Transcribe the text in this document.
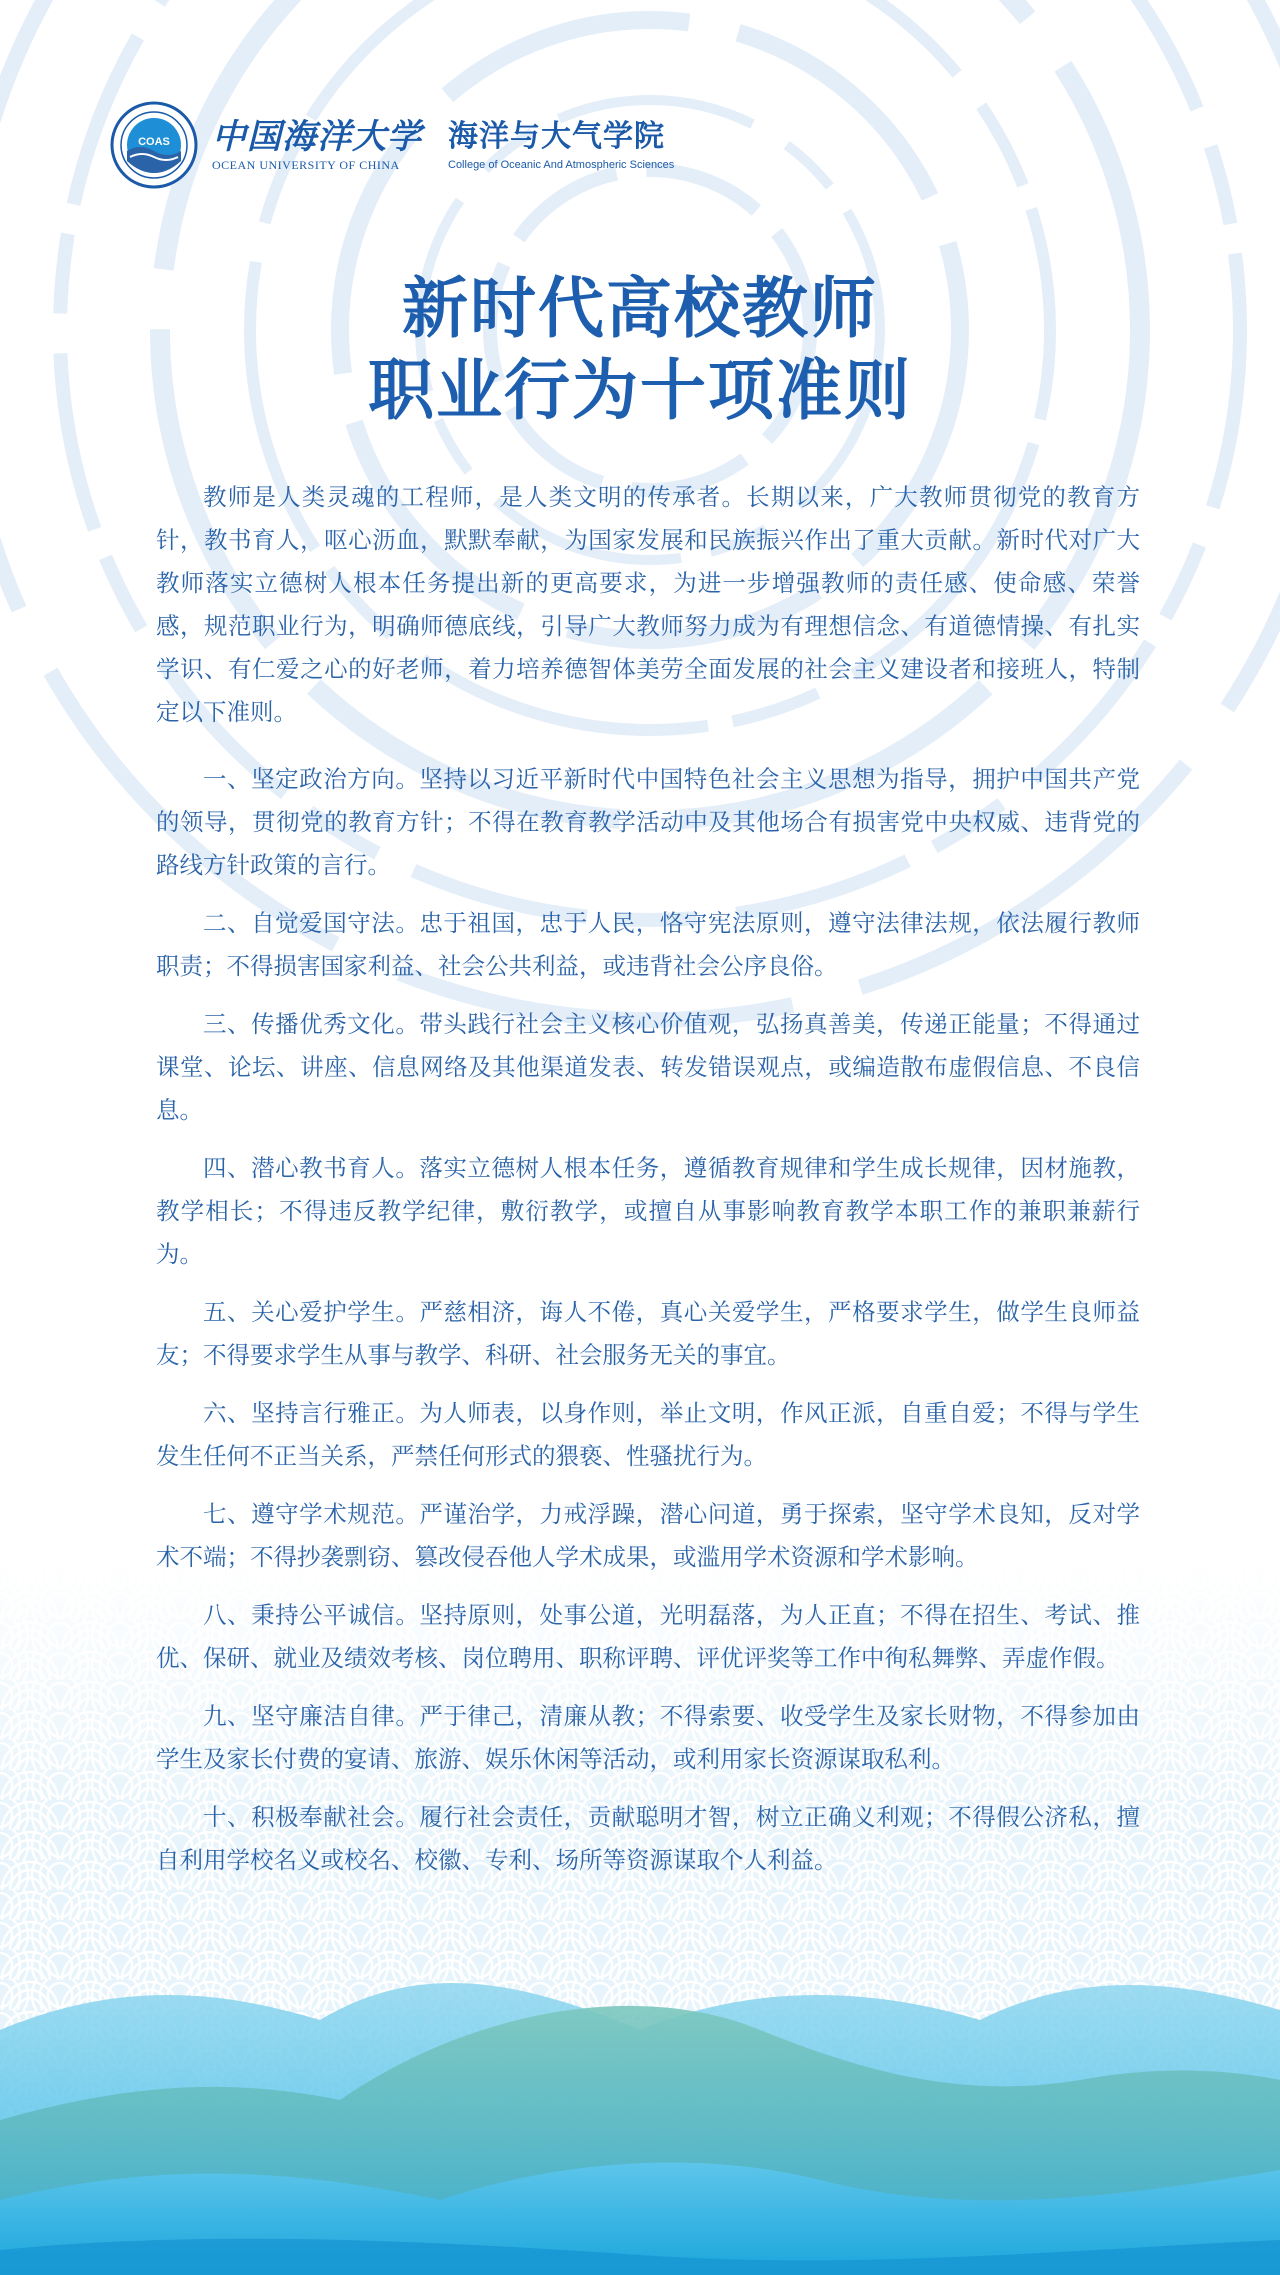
COAS 中国海洋大学
OCEAN UNIVERSITY OF CHINA
海洋与大气学院
College of Oceanic And Atmospheric Sciences
新时代高校教师
职业行为十项准则

教师是人类灵魂的工程师，是人类文明的传承者。长期以来，广大教师贯彻党的教育方针，教书育人，呕心沥血，默默奉献，为国家发展和民族振兴作出了重大贡献。新时代对广大教师落实立德树人根本任务提出新的更高要求，为进一步增强教师的责任感、使命感、荣誉感，规范职业行为，明确师德底线，引导广大教师努力成为有理想信念、有道德情操、有扎实学识、有仁爱之心的好老师，着力培养德智体美劳全面发展的社会主义建设者和接班人，特制定以下准则。

一、坚定政治方向。坚持以习近平新时代中国特色社会主义思想为指导，拥护中国共产党的领导，贯彻党的教育方针；不得在教育教学活动中及其他场合有损害党中央权威、违背党的路线方针政策的言行。

二、自觉爱国守法。忠于祖国，忠于人民，恪守宪法原则，遵守法律法规，依法履行教师职责；不得损害国家利益、社会公共利益，或违背社会公序良俗。

三、传播优秀文化。带头践行社会主义核心价值观，弘扬真善美，传递正能量；不得通过课堂、论坛、讲座、信息网络及其他渠道发表、转发错误观点，或编造散布虚假信息、不良信息。

四、潜心教书育人。落实立德树人根本任务，遵循教育规律和学生成长规律，因材施教，教学相长；不得违反教学纪律，敷衍教学，或擅自从事影响教育教学本职工作的兼职兼薪行为。

五、关心爱护学生。严慈相济，诲人不倦，真心关爱学生，严格要求学生，做学生良师益友；不得要求学生从事与教学、科研、社会服务无关的事宜。

六、坚持言行雅正。为人师表，以身作则，举止文明，作风正派，自重自爱；不得与学生发生任何不正当关系，严禁任何形式的猥亵、性骚扰行为。

七、遵守学术规范。严谨治学，力戒浮躁，潜心问道，勇于探索，坚守学术良知，反对学术不端；不得抄袭剽窃、篡改侵吞他人学术成果，或滥用学术资源和学术影响。

八、秉持公平诚信。坚持原则，处事公道，光明磊落，为人正直；不得在招生、考试、推优、保研、就业及绩效考核、岗位聘用、职称评聘、评优评奖等工作中徇私舞弊、弄虚作假。

九、坚守廉洁自律。严于律己，清廉从教；不得索要、收受学生及家长财物，不得参加由学生及家长付费的宴请、旅游、娱乐休闲等活动，或利用家长资源谋取私利。

十、积极奉献社会。履行社会责任，贡献聪明才智，树立正确义利观；不得假公济私，擅自利用学校名义或校名、校徽、专利、场所等资源谋取个人利益。
